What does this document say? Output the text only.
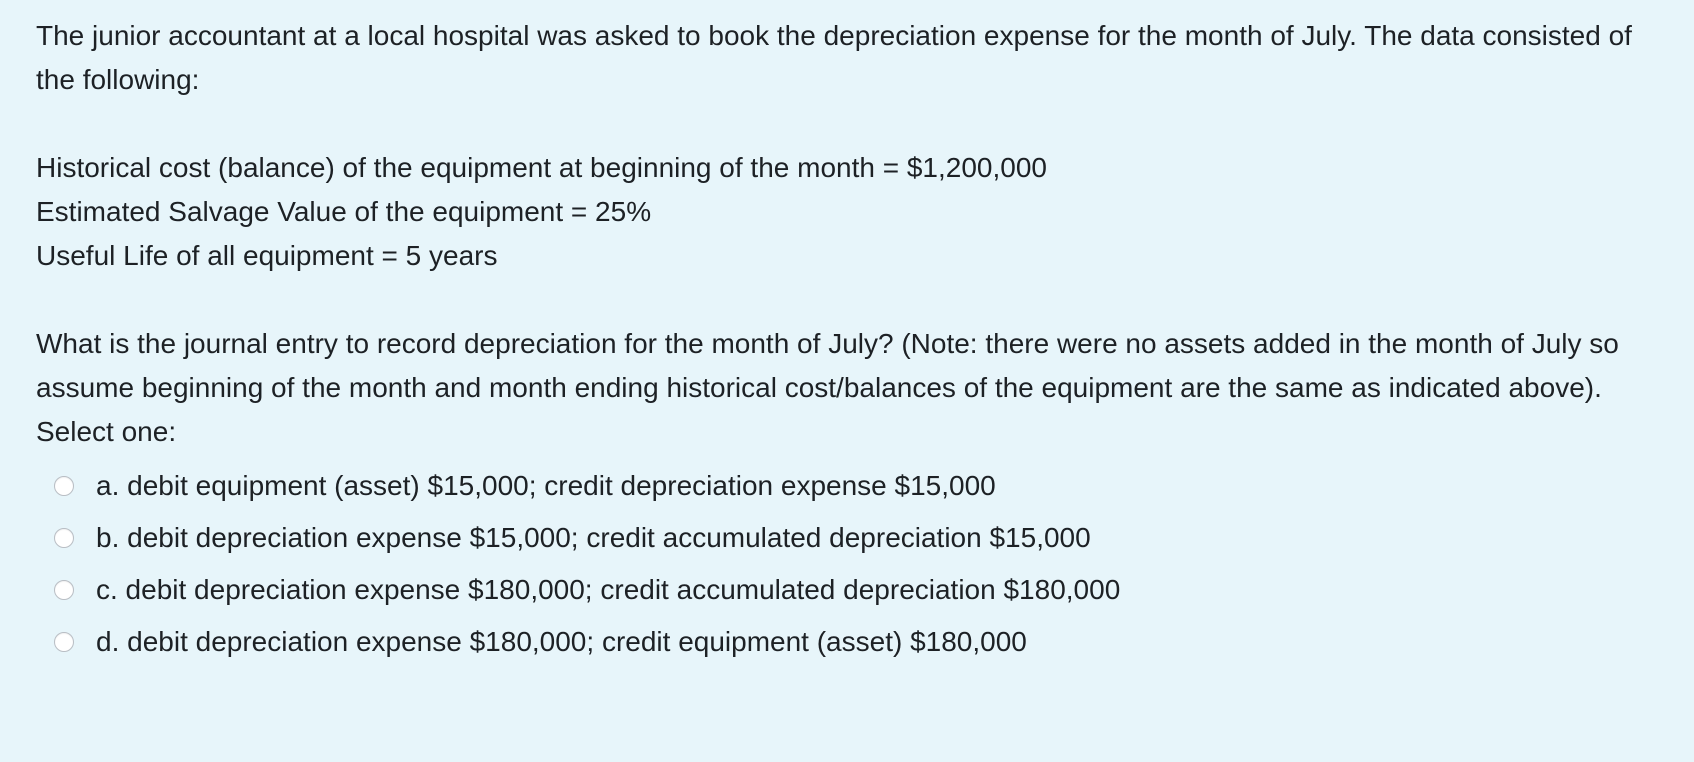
The junior accountant at a local hospital was asked to book the depreciation expense for the month of July. The data consisted of the following:

Historical cost (balance) of the equipment at beginning of the month = $1,200,000

Estimated Salvage Value of the equipment = 25%

Useful Life of all equipment = 5 years

What is the journal entry to record depreciation for the month of July? (Note: there were no assets added in the month of July so assume beginning of the month and month ending historical cost/balances of the equipment are the same as indicated above).

Select one:

a. debit equipment (asset) $15,000; credit depreciation expense $15,000
b. debit depreciation expense $15,000; credit accumulated depreciation $15,000
c. debit depreciation expense $180,000; credit accumulated depreciation $180,000
d. debit depreciation expense $180,000; credit equipment (asset) $180,000
